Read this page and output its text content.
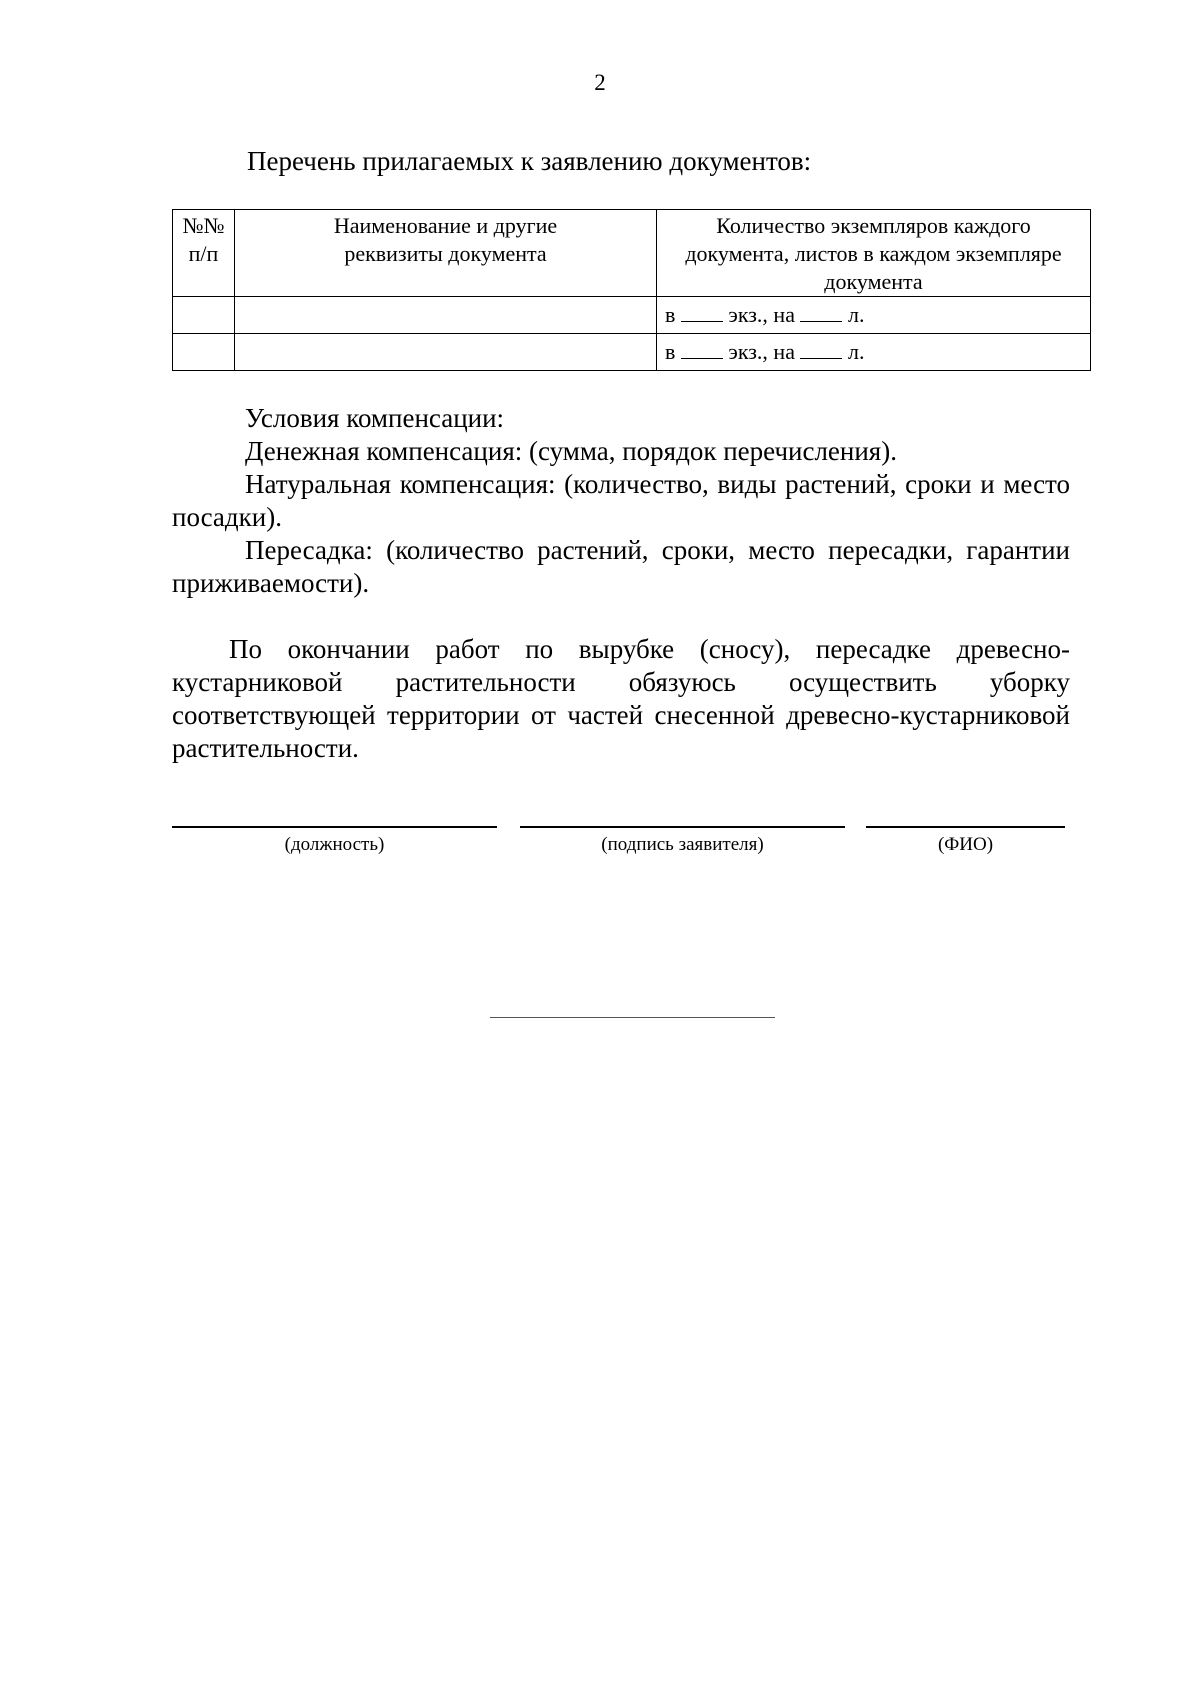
2
Перечень прилагаемых к заявлению документов:
№№ п/п	Наименование и другие реквизиты документа	Количество экземпляров каждого документа, листов в каждом экземпляре документа
		в экз., на л.
		в экз., на л.

Условия компенсации:

Денежная компенсация: (сумма, порядок перечисления).

Натуральная компенсация: (количество, виды растений, сроки и место посадки).

Пересадка: (количество растений, сроки, место пересадки, гарантии приживаемости).

По окончании работ по вырубке (сносу), пересадке древесно-кустарниковой растительности обязуюсь осуществить уборку соответствующей территории от частей снесенной древесно-кустарниковой растительности.

(должность)	(подпись заявителя)	(ФИО)
